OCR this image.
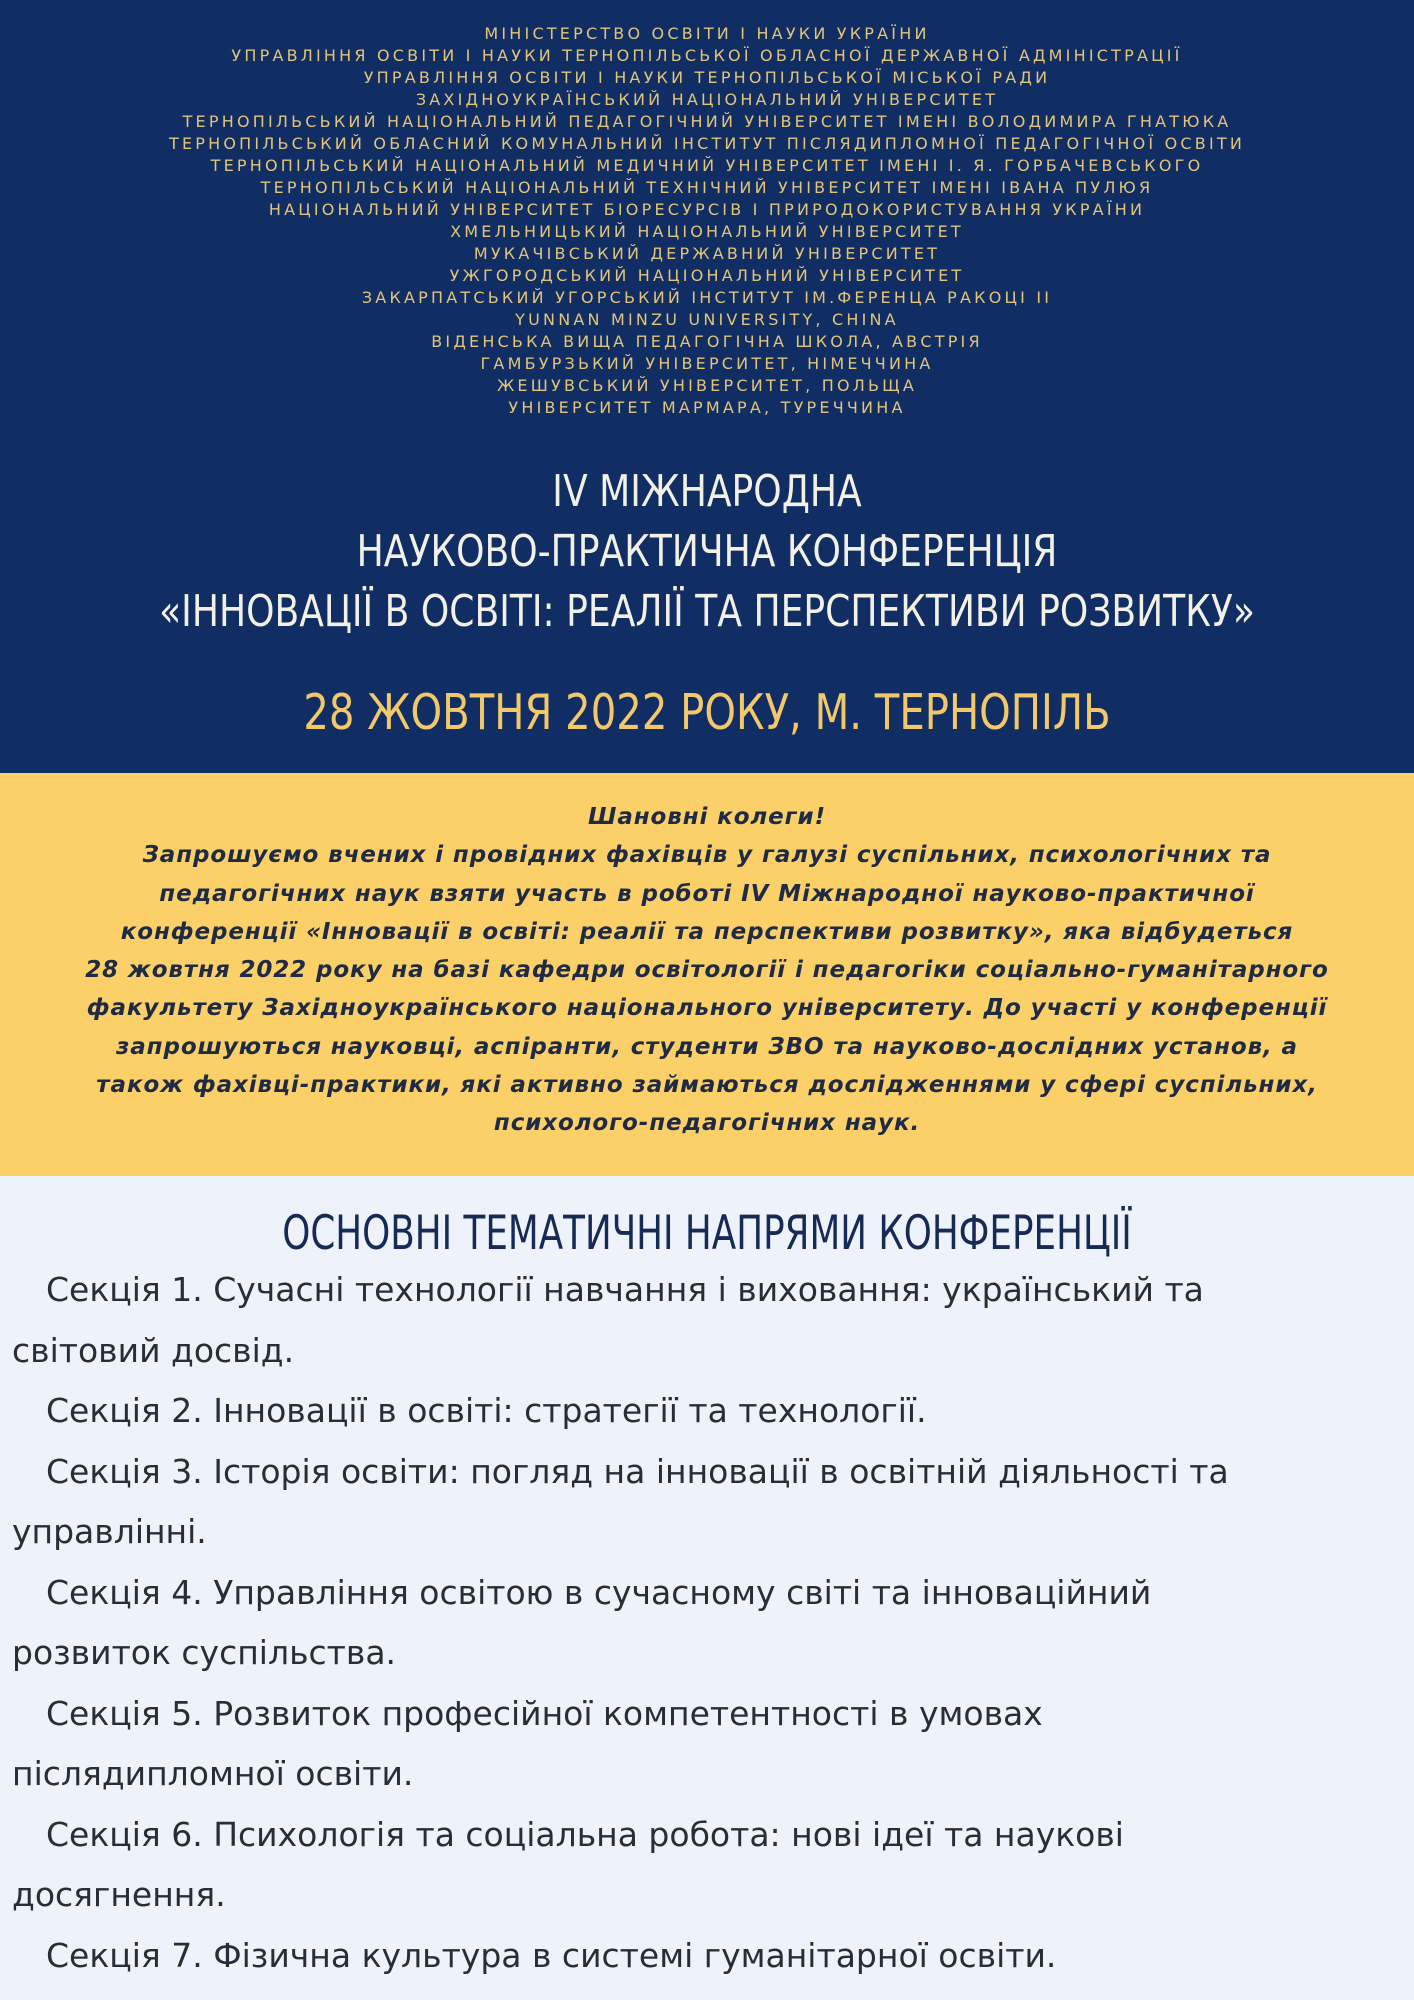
МІНІСТЕРСТВО ОСВІТИ І НАУКИ УКРАЇНИ
УПРАВЛІННЯ ОСВІТИ І НАУКИ ТЕРНОПІЛЬСЬКОЇ ОБЛАСНОЇ ДЕРЖАВНОЇ АДМІНІСТРАЦІЇ
УПРАВЛІННЯ ОСВІТИ І НАУКИ ТЕРНОПІЛЬСЬКОЇ МІСЬКОЇ РАДИ
ЗАХІДНОУКРАЇНСЬКИЙ НАЦІОНАЛЬНИЙ УНІВЕРСИТЕТ
ТЕРНОПІЛЬСЬКИЙ НАЦІОНАЛЬНИЙ ПЕДАГОГІЧНИЙ УНІВЕРСИТЕТ ІМЕНІ ВОЛОДИМИРА ГНАТЮКА
ТЕРНОПІЛЬСЬКИЙ ОБЛАСНИЙ КОМУНАЛЬНИЙ ІНСТИТУТ ПІСЛЯДИПЛОМНОЇ ПЕДАГОГІЧНОЇ ОСВІТИ
ТЕРНОПІЛЬСЬКИЙ НАЦІОНАЛЬНИЙ МЕДИЧНИЙ УНІВЕРСИТЕТ ІМЕНІ І. Я. ГОРБАЧЕВСЬКОГО
ТЕРНОПІЛЬСЬКИЙ НАЦІОНАЛЬНИЙ ТЕХНІЧНИЙ УНІВЕРСИТЕТ ІМЕНІ ІВАНА ПУЛЮЯ
НАЦІОНАЛЬНИЙ УНІВЕРСИТЕТ БІОРЕСУРСІВ І ПРИРОДОКОРИСТУВАННЯ УКРАЇНИ
ХМЕЛЬНИЦЬКИЙ НАЦІОНАЛЬНИЙ УНІВЕРСИТЕТ
МУКАЧІВСЬКИЙ ДЕРЖАВНИЙ УНІВЕРСИТЕТ
УЖГОРОДСЬКИЙ НАЦІОНАЛЬНИЙ УНІВЕРСИТЕТ
ЗАКАРПАТСЬКИЙ УГОРСЬКИЙ ІНСТИТУТ ІМ.ФЕРЕНЦА РАКОЦІ ІІ
YUNNAN MINZU UNIVERSITY, CHINA
ВІДЕНСЬКА ВИЩА ПЕДАГОГІЧНА ШКОЛА, АВСТРІЯ
ГАМБУРЗЬКИЙ УНІВЕРСИТЕТ, НІМЕЧЧИНА
ЖЕШУВСЬКИЙ УНІВЕРСИТЕТ, ПОЛЬЩА
УНІВЕРСИТЕТ МАРМАРА, ТУРЕЧЧИНА
IV МІЖНАРОДНА
НАУКОВО-ПРАКТИЧНА КОНФЕРЕНЦІЯ
«ІННОВАЦІЇ В ОСВІТІ: РЕАЛІЇ ТА ПЕРСПЕКТИВИ РОЗВИТКУ»
28 ЖОВТНЯ 2022 РОКУ, М. ТЕРНОПІЛЬ
Шановні колеги!
Запрошуємо вчених і провідних фахівців у галузі суспільних, психологічних та
педагогічних наук взяти участь в роботі IV Міжнародної науково-практичної
конференції «Інновації в освіті: реалії та перспективи розвитку», яка відбудеться
28 жовтня 2022 року на базі кафедри освітології і педагогіки соціально-гуманітарного
факультету Західноукраїнського національного університету. До участі у конференції
запрошуються науковці, аспіранти, студенти ЗВО та науково-дослідних установ, а
також фахівці-практики, які активно займаються дослідженнями у сфері суспільних,
психолого-педагогічних наук.
ОСНОВНІ ТЕМАТИЧНІ НАПРЯМИ КОНФЕРЕНЦІЇ
Секція 1. Сучасні технології навчання і виховання: український та
світовий досвід.
Секція 2. Інновації в освіті: стратегії та технології.
Секція 3. Історія освіти: погляд на інновації в освітній діяльності та
управлінні.
Секція 4. Управління освітою в сучасному світі та інноваційний
розвиток суспільства.
Секція 5. Розвиток професійної компетентності в умовах
післядипломної освіти.
Секція 6. Психологія та соціальна робота: нові ідеї та наукові
досягнення.
Секція 7. Фізична культура в системі гуманітарної освіти.
